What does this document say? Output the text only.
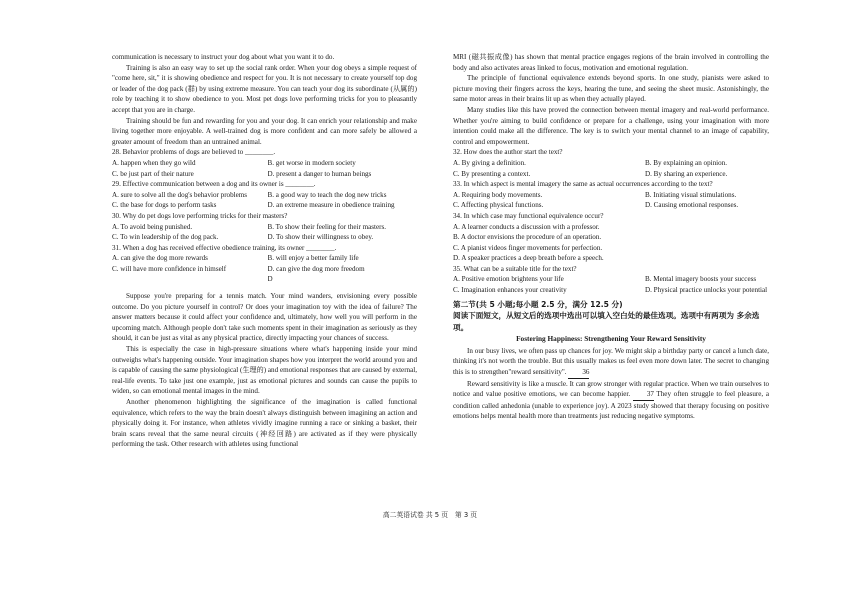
communication is necessary to instruct your dog about what you want it to do.

Training is also an easy way to set up the social rank order. When your dog obeys a simple request of "come here, sit," it is showing obedience and respect for you. It is not necessary to create yourself top dog or leader of the dog pack (群) by using extreme measure. You can teach your dog its subordinate (从属的) role by teaching it to show obedience to you. Most pet dogs love performing tricks for you to pleasantly accept that you are in charge.

Training should be fun and rewarding for you and your dog. It can enrich your relationship and make living together more enjoyable. A well-trained dog is more confident and can more safely be allowed a greater amount of freedom than an untrained animal.

28. Behavior problems of dogs are believed to ________.

A. happen when they go wild	B. get worse in modern society
C. be just part of their nature	D. present a danger to human beings

29. Effective communication between a dog and its owner is ________.

A. sure to solve all the dog's behavior problems	B. a good way to teach the dog new tricks
C. the base for dogs to perform tasks	D. an extreme measure in obedience training

30. Why do pet dogs love performing tricks for their masters?

A. To avoid being punished.	B. To show their feeling for their masters.
C. To win leadership of the dog pack.	D. To show their willingness to obey.

31. When a dog has received effective obedience training, its owner ________.

A. can give the dog more rewards	B. will enjoy a better family life
C. will have more confidence in himself	D. can give the dog more freedom
D

Suppose you're preparing for a tennis match. Your mind wanders, envisioning every possible outcome. Do you picture yourself in control? Or does your imagination toy with the idea of failure? The answer matters because it could affect your confidence and, ultimately, how well you will perform in the upcoming match. Although people don't take such moments spent in their imagination as seriously as they should, it can be just as vital as any physical practice, directly impacting your chances of success.

This is especially the case in high-pressure situations where what's happening inside your mind outweighs what's happening outside. Your imagination shapes how you interpret the world around you and is capable of causing the same physiological (生理的) and emotional responses that are caused by external, real-life events. To take just one example, just as emotional pictures and sounds can cause the pupils to widen, so can emotional mental images in the mind.

Another phenomenon highlighting the significance of the imagination is called functional equivalence, which refers to the way the brain doesn't always distinguish between imagining an action and physically doing it. For instance, when athletes vividly imagine running a race or sinking a basket, their brain scans reveal that the same neural circuits (神经回路) are activated as if they were physically performing the task. Other research with athletes using functional

MRI (磁共振成像) has shown that mental practice engages regions of the brain involved in controlling the body and also activates areas linked to focus, motivation and emotional regulation.

The principle of functional equivalence extends beyond sports. In one study, pianists were asked to picture moving their fingers across the keys, hearing the tune, and seeing the sheet music. Astonishingly, the same motor areas in their brains lit up as when they actually played.

Many studies like this have proved the connection between mental imagery and real-world performance. Whether you're aiming to build confidence or prepare for a challenge, using your imagination with more intention could make all the difference. The key is to switch your mental channel to an image of capability, control and empowerment.

32. How does the author start the text?

A. By giving a definition.	B. By explaining an opinion.
C. By presenting a context.	D. By sharing an experience.

33. In which aspect is mental imagery the same as actual occurrences according to the text?

A. Requiring body movements.	B. Initiating visual stimulations.
C. Affecting physical functions.	D. Causing emotional responses.

34. In which case may functional equivalence occur?

A. A learner conducts a discussion with a professor.
B. A doctor envisions the procedure of an operation.
C. A pianist videos finger movements for perfection.
D. A speaker practices a deep breath before a speech.

35. What can be a suitable title for the text?

A. Positive emotion brightens your life	B. Mental imagery boosts your success
C. Imagination enhances your creativity	D. Physical practice unlocks your potential
第二节(共 5 小题;每小题 2.5 分，满分 12.5 分)
阅读下面短文，从短文后的选项中选出可以填入空白处的最佳选项。选项中有两项为 多余选项。
Fostering Happiness: Strengthening Your Reward Sensitivity

In our busy lives, we often pass up chances for joy. We might skip a birthday party or cancel a lunch date, thinking it's not worth the trouble. But this usually makes us feel even more down later. The secret to changing this is to strengthen"reward sensitivity". 36

Reward sensitivity is like a muscle. It can grow stronger with regular practice. When we train ourselves to notice and value positive emotions, we can become happier. 37 They often struggle to feel pleasure, a condition called anhedonia (unable to experience joy). A 2023 study showed that therapy focusing on positive emotions helps mental health more than treatments just reducing negative symptoms.

高二英语试卷 共 5 页　第 3 页
